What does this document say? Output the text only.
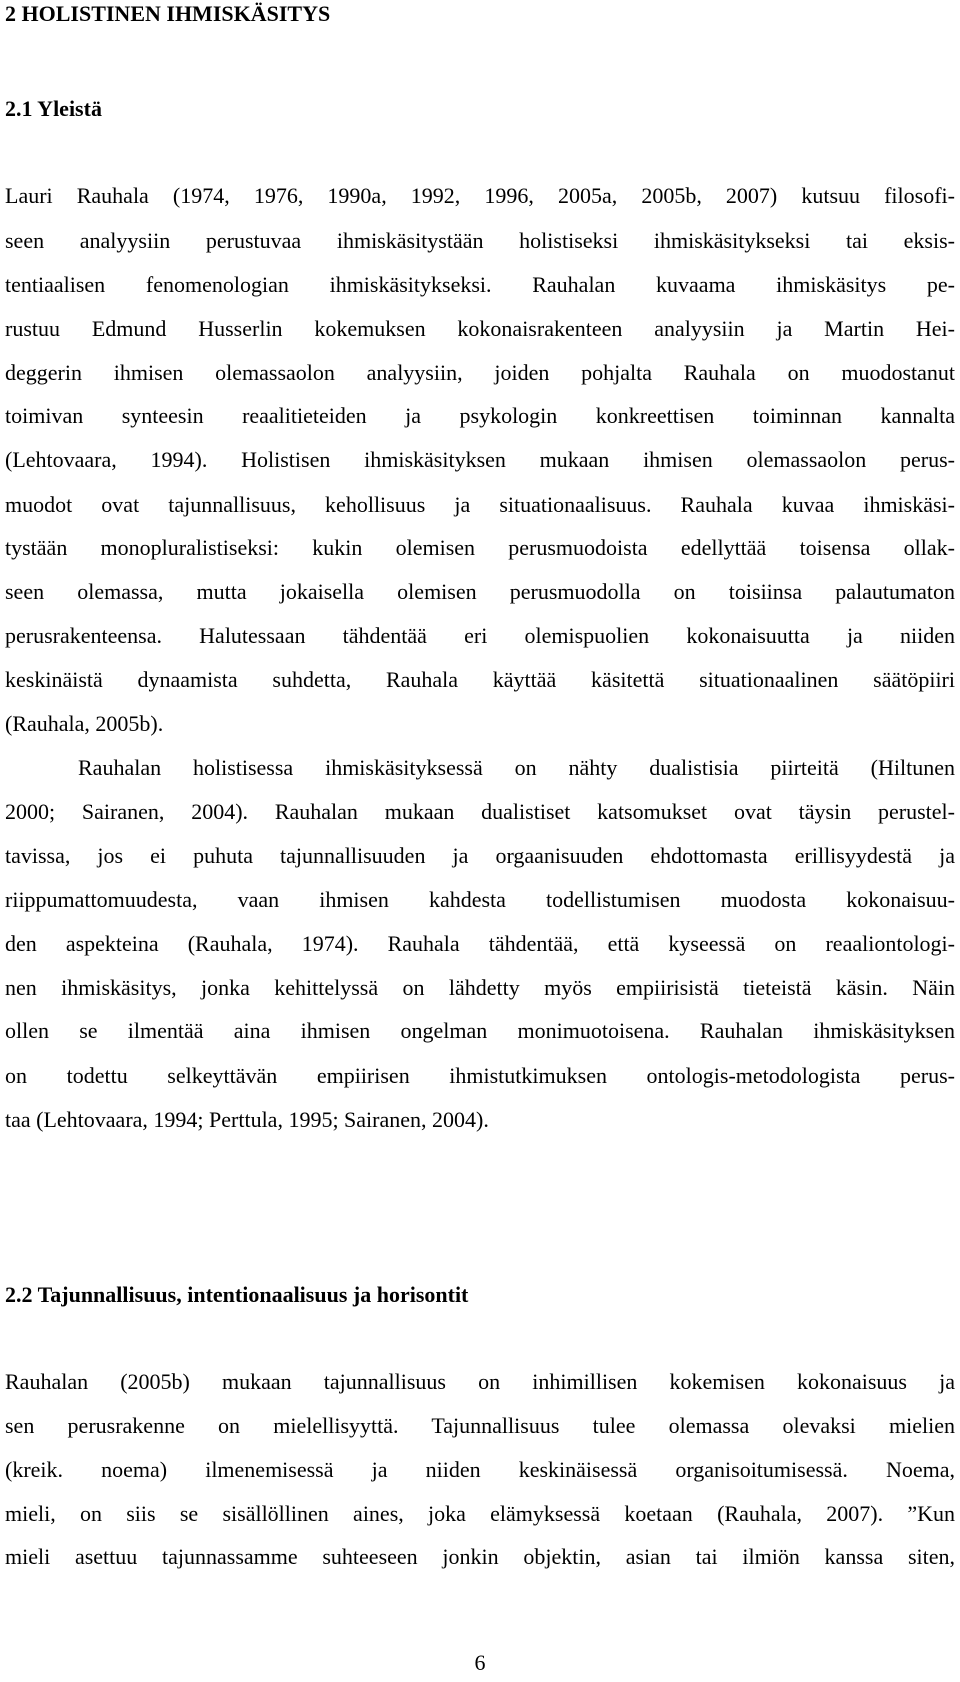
2 HOLISTINEN IHMISKÄSITYS
2.1 Yleistä

Lauri Rauhala (1974, 1976, 1990a, 1992, 1996, 2005a, 2005b, 2007) kutsuu filosofi-

seen analyysiin perustuvaa ihmiskäsitystään holistiseksi ihmiskäsitykseksi tai eksis-

tentiaalisen fenomenologian ihmiskäsitykseksi. Rauhalan kuvaama ihmiskäsitys pe-

rustuu Edmund Husserlin kokemuksen kokonaisrakenteen analyysiin ja Martin Hei-

deggerin ihmisen olemassaolon analyysiin, joiden pohjalta Rauhala on muodostanut

toimivan synteesin reaalitieteiden ja psykologin konkreettisen toiminnan kannalta

(Lehtovaara, 1994). Holistisen ihmiskäsityksen mukaan ihmisen olemassaolon perus-

muodot ovat tajunnallisuus, kehollisuus ja situationaalisuus. Rauhala kuvaa ihmiskäsi-

tystään monopluralistiseksi: kukin olemisen perusmuodoista edellyttää toisensa ollak-

seen olemassa, mutta jokaisella olemisen perusmuodolla on toisiinsa palautumaton

perusrakenteensa. Halutessaan tähdentää eri olemispuolien kokonaisuutta ja niiden

keskinäistä dynaamista suhdetta, Rauhala käyttää käsitettä situationaalinen säätöpiiri

(Rauhala, 2005b).

Rauhalan holistisessa ihmiskäsityksessä on nähty dualistisia piirteitä (Hiltunen

2000; Sairanen, 2004). Rauhalan mukaan dualistiset katsomukset ovat täysin perustel-

tavissa, jos ei puhuta tajunnallisuuden ja orgaanisuuden ehdottomasta erillisyydestä ja

riippumattomuudesta, vaan ihmisen kahdesta todellistumisen muodosta kokonaisuu-

den aspekteina (Rauhala, 1974). Rauhala tähdentää, että kyseessä on reaaliontologi-

nen ihmiskäsitys, jonka kehittelyssä on lähdetty myös empiirisistä tieteistä käsin. Näin

ollen se ilmentää aina ihmisen ongelman monimuotoisena. Rauhalan ihmiskäsityksen

on todettu selkeyttävän empiirisen ihmistutkimuksen ontologis-metodologista perus-

taa (Lehtovaara, 1994; Perttula, 1995; Sairanen, 2004).

2.2 Tajunnallisuus, intentionaalisuus ja horisontit

Rauhalan (2005b) mukaan tajunnallisuus on inhimillisen kokemisen kokonaisuus ja

sen perusrakenne on mielellisyyttä. Tajunnallisuus tulee olemassa olevaksi mielien

(kreik. noema) ilmenemisessä ja niiden keskinäisessä organisoitumisessä. Noema,

mieli, on siis se sisällöllinen aines, joka elämyksessä koetaan (Rauhala, 2007). ”Kun

mieli asettuu tajunnassamme suhteeseen jonkin objektin, asian tai ilmiön kanssa siten,

6
